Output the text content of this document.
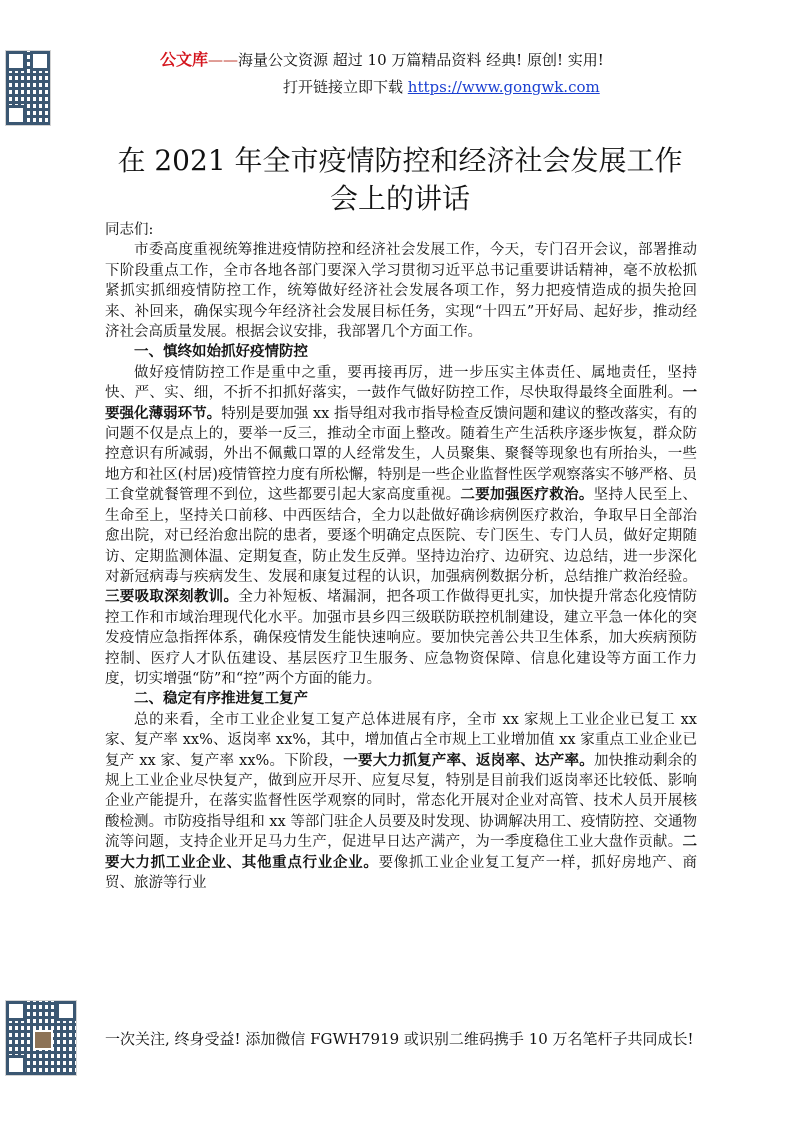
公文库——海量公文资源 超过 10 万篇精品资料 经典! 原创! 实用!
打开链接立即下载 https://www.gongwk.com
在 2021 年全市疫情防控和经济社会发展工作
会上的讲话

同志们:

市委高度重视统筹推进疫情防控和经济社会发展工作，今天，专门召开会议，部署推动下阶段重点工作，全市各地各部门要深入学习贯彻习近平总书记重要讲话精神，毫不放松抓紧抓实抓细疫情防控工作，统筹做好经济社会发展各项工作，努力把疫情造成的损失抢回来、补回来，确保实现今年经济社会发展目标任务，实现“十四五”开好局、起好步，推动经济社会高质量发展。根据会议安排，我部署几个方面工作。

一、慎终如始抓好疫情防控

做好疫情防控工作是重中之重，要再接再厉，进一步压实主体责任、属地责任，坚持快、严、实、细，不折不扣抓好落实，一鼓作气做好防控工作，尽快取得最终全面胜利。一要强化薄弱环节。特别是要加强 xx 指导组对我市指导检查反馈问题和建议的整改落实，有的问题不仅是点上的，要举一反三，推动全市面上整改。随着生产生活秩序逐步恢复，群众防控意识有所减弱，外出不佩戴口罩的人经常发生，人员聚集、聚餐等现象也有所抬头，一些地方和社区(村居)疫情管控力度有所松懈，特别是一些企业监督性医学观察落实不够严格、员工食堂就餐管理不到位，这些都要引起大家高度重视。二要加强医疗救治。坚持人民至上、生命至上，坚持关口前移、中西医结合，全力以赴做好确诊病例医疗救治，争取早日全部治愈出院，对已经治愈出院的患者，要逐个明确定点医院、专门医生、专门人员，做好定期随访、定期监测体温、定期复查，防止发生反弹。坚持边治疗、边研究、边总结，进一步深化对新冠病毒与疾病发生、发展和康复过程的认识，加强病例数据分析，总结推广救治经验。三要吸取深刻教训。全力补短板、堵漏洞，把各项工作做得更扎实，加快提升常态化疫情防控工作和市域治理现代化水平。加强市县乡四三级联防联控机制建设，建立平急一体化的突发疫情应急指挥体系，确保疫情发生能快速响应。要加快完善公共卫生体系，加大疾病预防控制、医疗人才队伍建设、基层医疗卫生服务、应急物资保障、信息化建设等方面工作力度，切实增强“防”和“控”两个方面的能力。

二、稳定有序推进复工复产

总的来看，全市工业企业复工复产总体进展有序，全市 xx 家规上工业企业已复工 xx 家、复产率 xx%、返岗率 xx%，其中，增加值占全市规上工业增加值 xx 家重点工业企业已复产 xx 家、复产率 xx%。下阶段，一要大力抓复产率、返岗率、达产率。加快推动剩余的规上工业企业尽快复产，做到应开尽开、应复尽复，特别是目前我们返岗率还比较低、影响企业产能提升，在落实监督性医学观察的同时，常态化开展对企业对高管、技术人员开展核酸检测。市防疫指导组和 xx 等部门驻企人员要及时发现、协调解决用工、疫情防控、交通物流等问题，支持企业开足马力生产，促进早日达产满产，为一季度稳住工业大盘作贡献。二要大力抓工业企业、其他重点行业企业。要像抓工业企业复工复产一样，抓好房地产、商贸、旅游等行业

一次关注, 终身受益! 添加微信 FGWH7919 或识别二维码携手 10 万名笔杆子共同成长!
